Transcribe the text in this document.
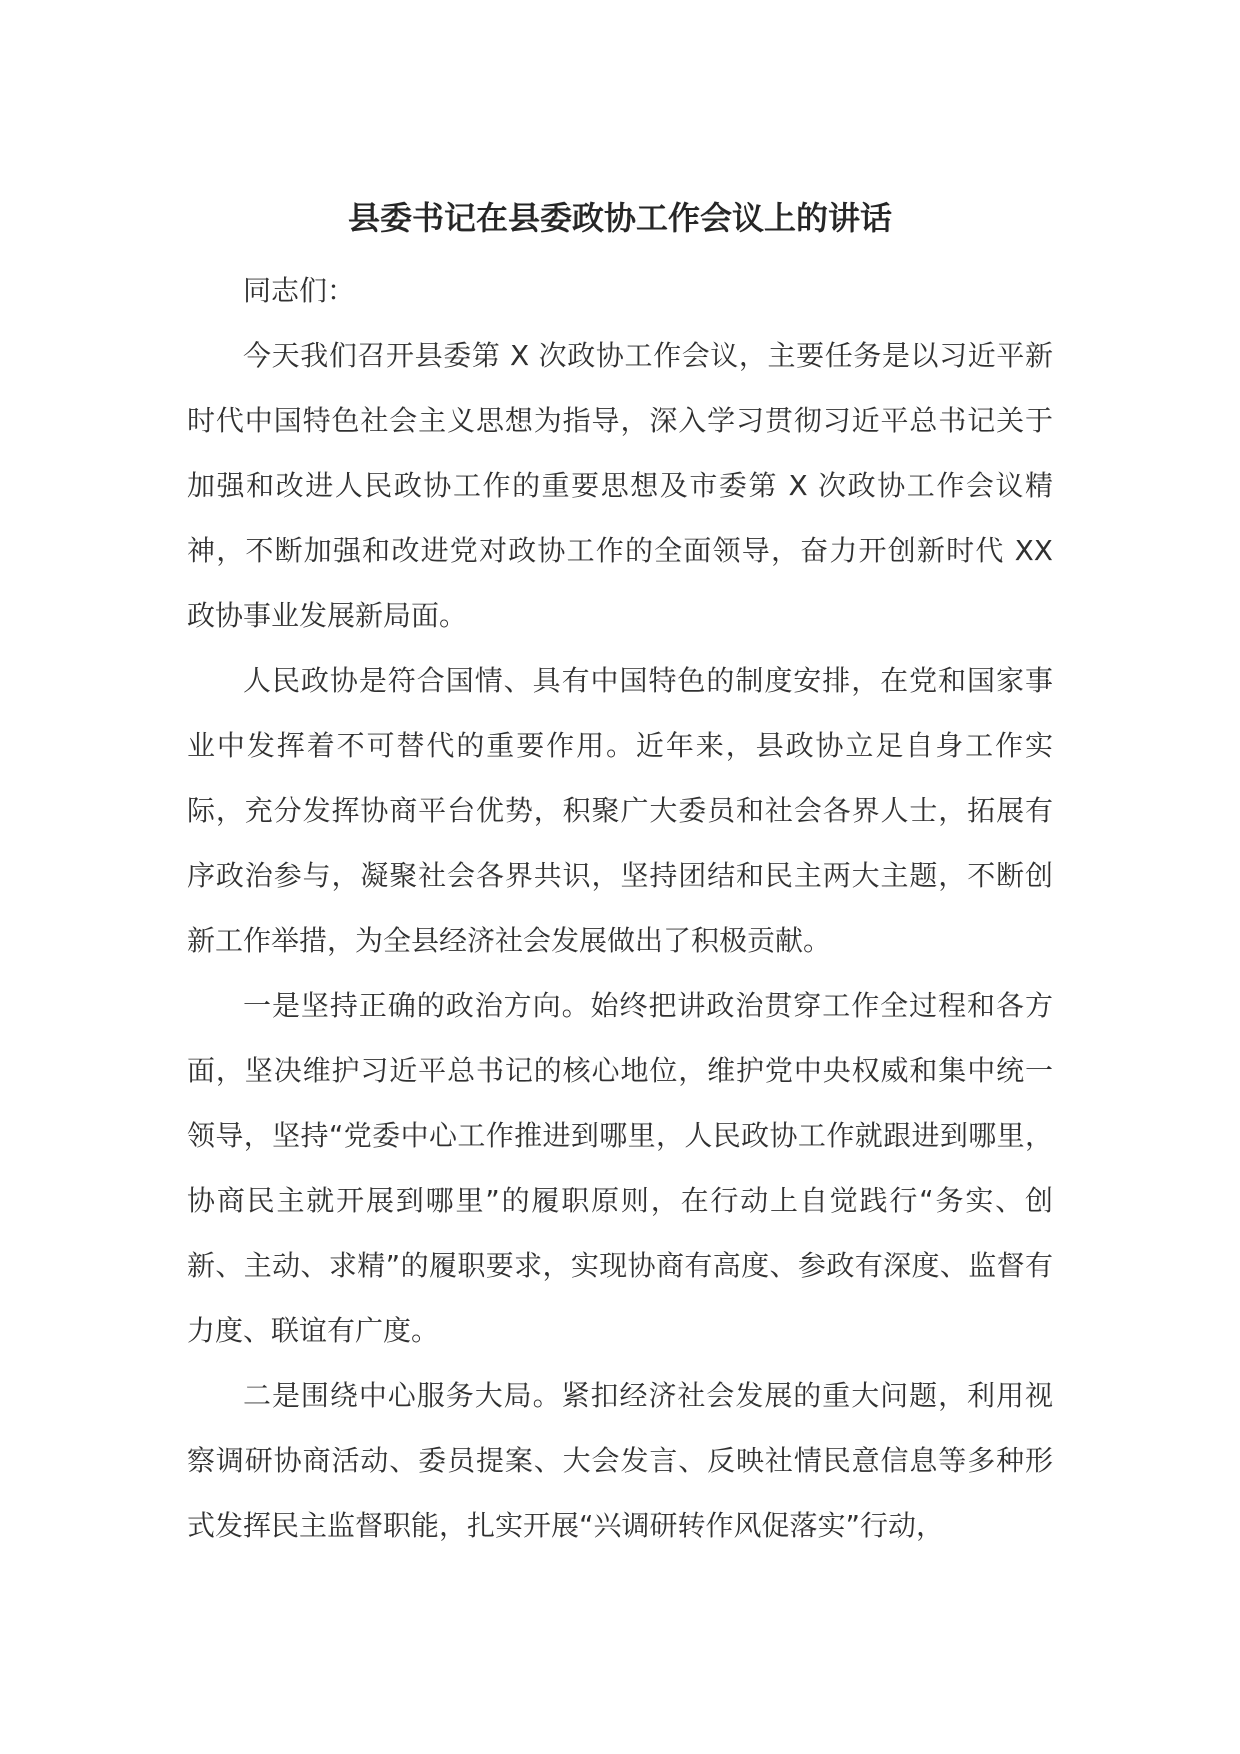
县委书记在县委政协工作会议上的讲话

同志们：

今天我们召开县委第 X 次政协工作会议，主要任务是以习近平新时代中国特色社会主义思想为指导，深入学习贯彻习近平总书记关于加强和改进人民政协工作的重要思想及市委第 X 次政协工作会议精神，不断加强和改进党对政协工作的全面领导，奋力开创新时代 XX 政协事业发展新局面。

人民政协是符合国情、具有中国特色的制度安排，在党和国家事业中发挥着不可替代的重要作用。近年来，县政协立足自身工作实际，充分发挥协商平台优势，积聚广大委员和社会各界人士，拓展有序政治参与，凝聚社会各界共识，坚持团结和民主两大主题，不断创新工作举措，为全县经济社会发展做出了积极贡献。

一是坚持正确的政治方向。始终把讲政治贯穿工作全过程和各方面，坚决维护习近平总书记的核心地位，维护党中央权威和集中统一领导，坚持“党委中心工作推进到哪里，人民政协工作就跟进到哪里，协商民主就开展到哪里”的履职原则，在行动上自觉践行“务实、创新、主动、求精”的履职要求，实现协商有高度、参政有深度、监督有力度、联谊有广度。

二是围绕中心服务大局。紧扣经济社会发展的重大问题，利用视察调研协商活动、委员提案、大会发言、反映社情民意信息等多种形式发挥民主监督职能，扎实开展“兴调研转作风促落实”行动，
